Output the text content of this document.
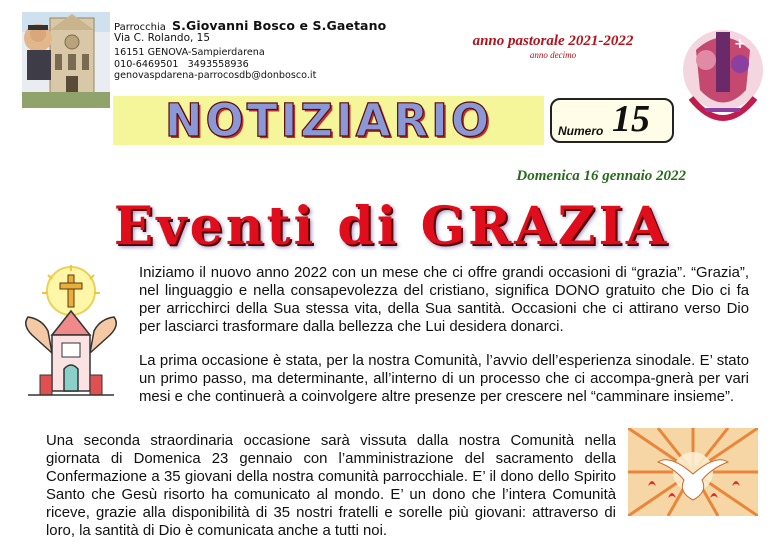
Parrocchia S.Giovanni Bosco e S.Gaetano
Via C. Rolando, 15
16151 GENOVA-Sampierdarena
010-6469501   3493558936
genovaspdarena-parrocosdb@donbosco.it
anno pastorale 2021-2022
anno decimo
+
NOTIZIARIO	Numero 15
Domenica 16 gennaio 2022
Eventi di GRAZIA
Iniziamo il nuovo anno 2022 con un mese che ci offre grandi occasioni di “grazia”. “Grazia”, nel linguaggio e nella consapevolezza del cristiano, significa DONO gratuito che Dio ci fa per arricchirci della Sua stessa vita, della Sua santità. Occasioni che ci attirano verso Dio per lasciarci trasformare dalla bellezza che Lui desidera donarci.
La prima occasione è stata, per la nostra Comunità, l’avvio dell’esperienza sinodale. E’ stato un primo passo, ma determinante, all’interno di un processo che ci accompa-gnerà per vari mesi e che continuerà a coinvolgere altre presenze per crescere nel “camminare insieme”.
Una seconda straordinaria occasione sarà vissuta dalla nostra Comunità nella giornata di Domenica 23 gennaio con l’amministrazione del sacramento della Confermazione a 35 giovani della nostra comunità parrocchiale. E’ il dono dello Spirito Santo che Gesù risorto ha comunicato al mondo. E’ un dono che l’intera Comunità riceve, grazie alla disponibilità di 35 nostri fratelli e sorelle più giovani: attraverso di loro, la santità di Dio è comunicata anche a tutti noi.
